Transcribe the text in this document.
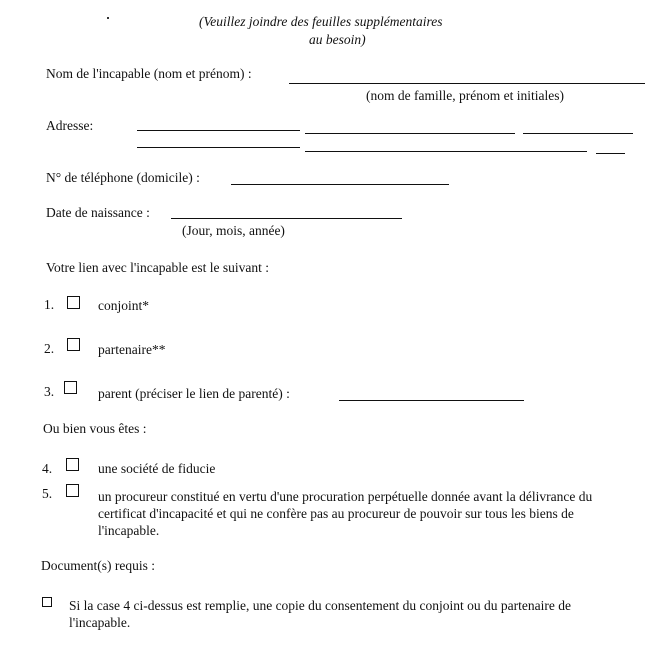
(Veuillez joindre des feuilles supplémentaires
au besoin)
Nom de l'incapable (nom et prénom) :
(nom de famille, prénom et initiales)
Adresse:
N° de téléphone (domicile) :
Date de naissance :
(Jour, mois, année)
Votre lien avec l'incapable est le suivant :
1.	conjoint*
2.	partenaire**
3.	parent (préciser le lien de parenté) :
Ou bien vous êtes :
4.	une société de fiducie
5.	un procureur constitué en vertu d'une procuration perpétuelle donnée avant la délivrance du certificat d'incapacité et qui ne confère pas au procureur de pouvoir sur tous les biens de l'incapable.
Document(s) requis :
Si la case 4 ci-dessus est remplie, une copie du consentement du conjoint ou du partenaire de l'incapable.
